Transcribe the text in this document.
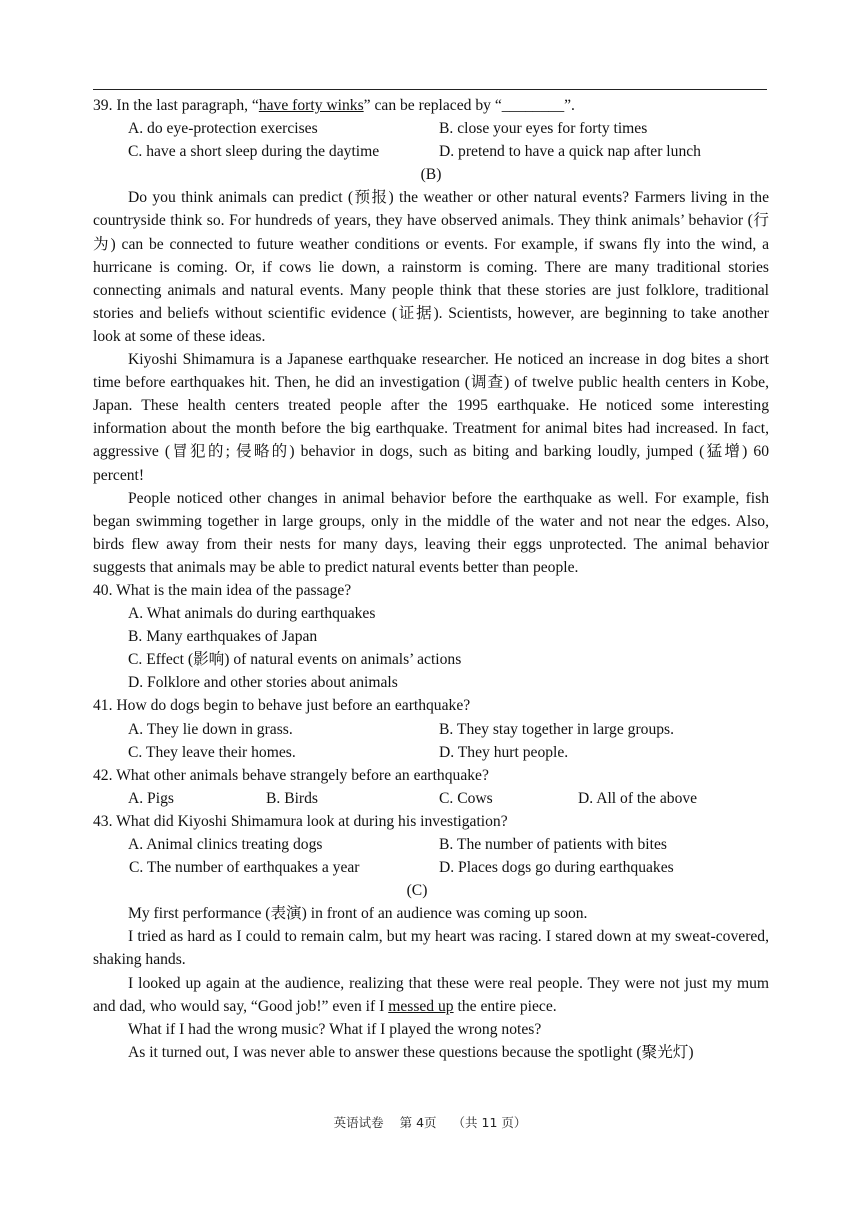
39. In the last paragraph, “have forty winks” can be replaced by “________”.
A. do eye-protection exercises	B. close your eyes for forty times
C. have a short sleep during the daytime	D. pretend to have a quick nap after lunch
(B)

Do you think animals can predict (预报) the weather or other natural events? Farmers living in the countryside think so. For hundreds of years, they have observed animals. They think animals’ behavior (行为) can be connected to future weather conditions or events. For example, if swans fly into the wind, a hurricane is coming. Or, if cows lie down, a rainstorm is coming. There are many traditional stories connecting animals and natural events. Many people think that these stories are just folklore, traditional stories and beliefs without scientific evidence (证据). Scientists, however, are beginning to take another look at some of these ideas.

Kiyoshi Shimamura is a Japanese earthquake researcher. He noticed an increase in dog bites a short time before earthquakes hit. Then, he did an investigation (调查) of twelve public health centers in Kobe, Japan. These health centers treated people after the 1995 earthquake. He noticed some interesting information about the month before the big earthquake. Treatment for animal bites had increased. In fact, aggressive (冒犯的; 侵略的) behavior in dogs, such as biting and barking loudly, jumped (猛增) 60 percent!

People noticed other changes in animal behavior before the earthquake as well. For example, fish began swimming together in large groups, only in the middle of the water and not near the edges. Also, birds flew away from their nests for many days, leaving their eggs unprotected. The animal behavior suggests that animals may be able to predict natural events better than people.

40. What is the main idea of the passage?
A. What animals do during earthquakes
B. Many earthquakes of Japan
C. Effect (影响) of natural events on animals’ actions
D. Folklore and other stories about animals
41. How do dogs begin to behave just before an earthquake?
A. They lie down in grass.	B. They stay together in large groups.
C. They leave their homes.	D. They hurt people.
42. What other animals behave strangely before an earthquake?
A. Pigs	B. Birds	C. Cows	D. All of the above
43. What did Kiyoshi Shimamura look at during his investigation?
A. Animal clinics treating dogs	B. The number of patients with bites
C. The number of earthquakes a year	D. Places dogs go during earthquakes
(C)

My first performance (表演) in front of an audience was coming up soon.

I tried as hard as I could to remain calm, but my heart was racing. I stared down at my sweat-covered, shaking hands.

I looked up again at the audience, realizing that these were real people. They were not just my mum and dad, who would say, “Good job!” even if I messed up the entire piece.

What if I had the wrong music? What if I played the wrong notes?

As it turned out, I was never able to answer these questions because the spotlight (聚光灯)

英语试卷 第 4页 （共 11 页）
